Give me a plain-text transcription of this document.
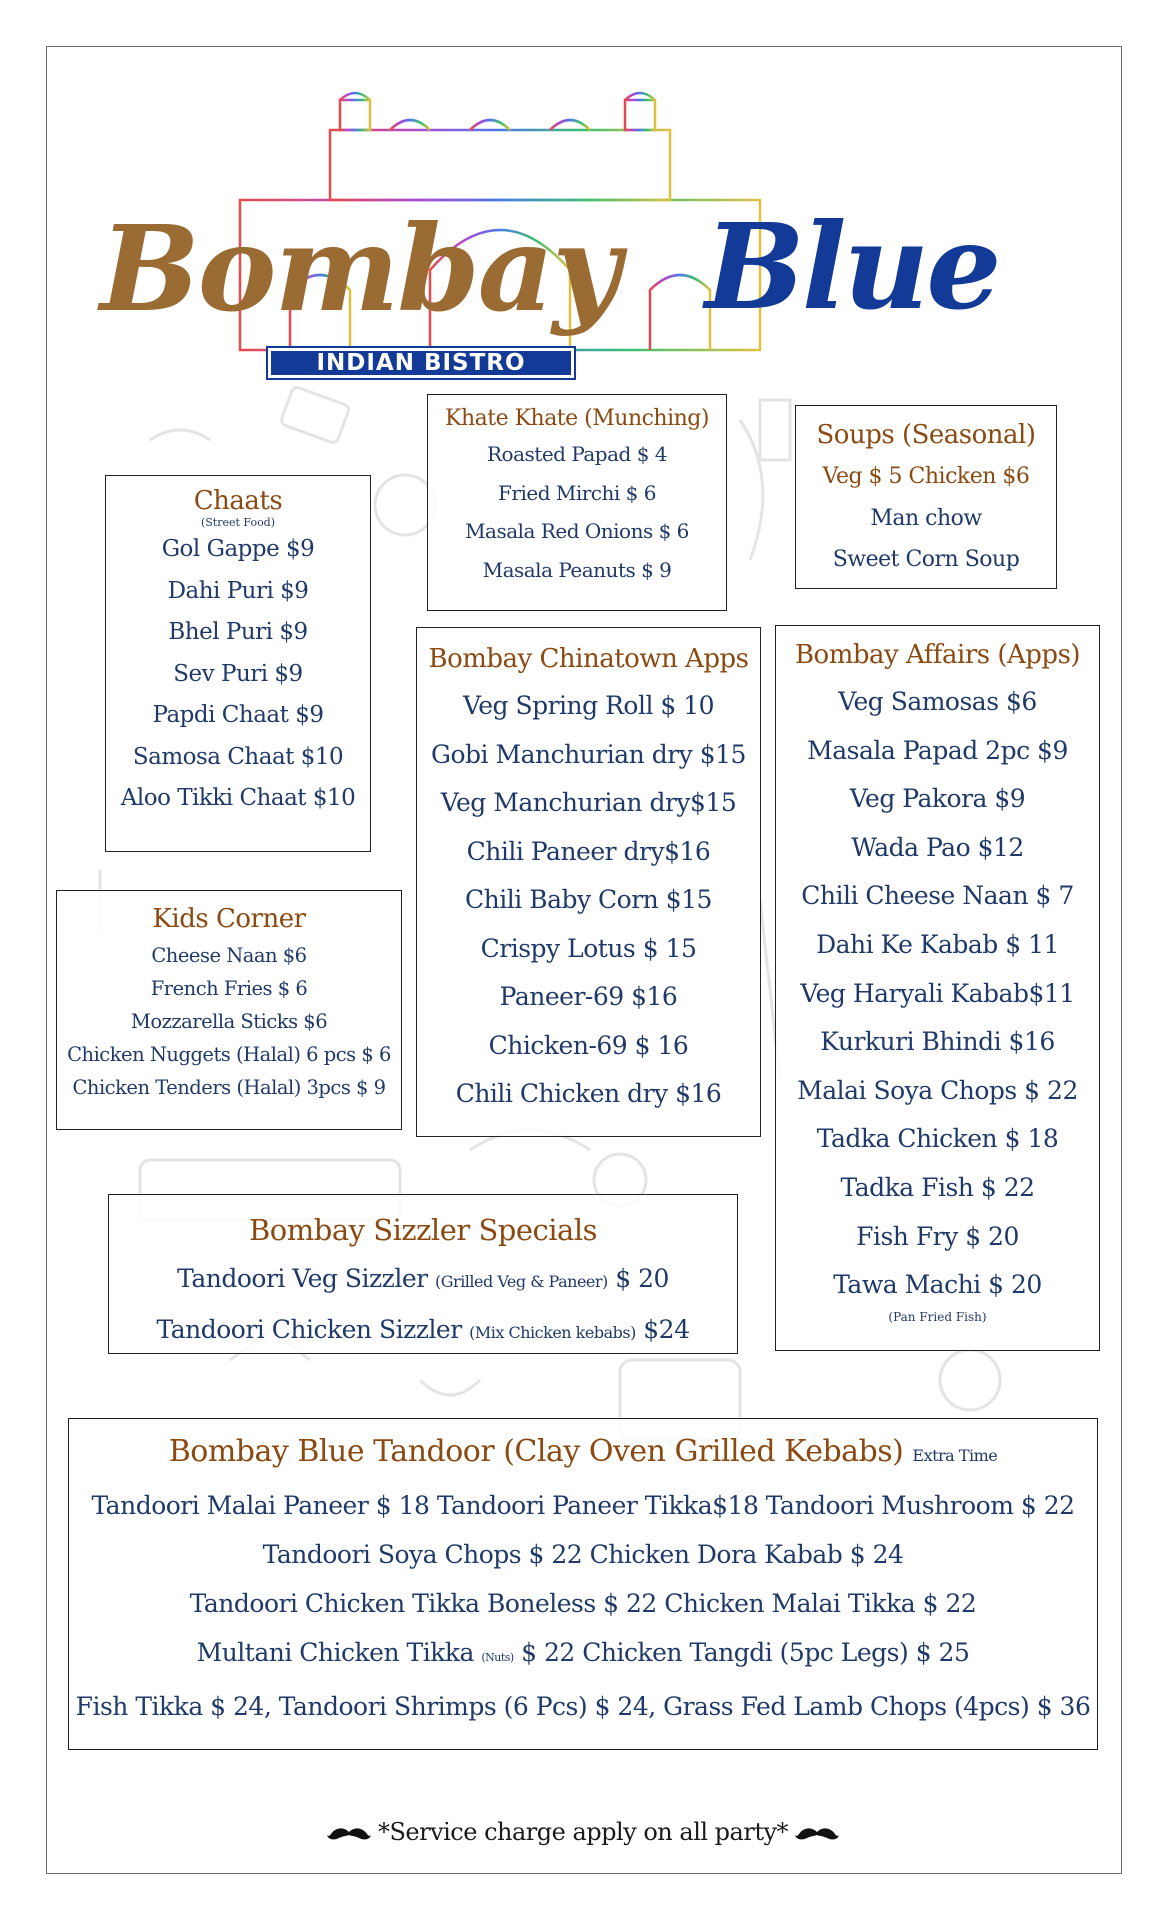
Bombay Blue
INDIAN BISTRO
Chaats
(Street Food)
Gol Gappe $9
Dahi Puri $9
Bhel Puri $9
Sev Puri $9
Papdi Chaat $9
Samosa Chaat $10
Aloo Tikki Chaat $10
Khate Khate (Munching)
Roasted Papad $ 4
Fried Mirchi $ 6
Masala Red Onions $ 6
Masala Peanuts $ 9
Soups (Seasonal)
Veg $ 5 Chicken $6
Man chow
Sweet Corn Soup
Kids Corner
Cheese Naan $6
French Fries $ 6
Mozzarella Sticks $6
Chicken Nuggets (Halal) 6 pcs $ 6
Chicken Tenders (Halal) 3pcs $ 9
Bombay Chinatown Apps
Veg Spring Roll $ 10
Gobi Manchurian dry $15
Veg Manchurian dry$15
Chili Paneer dry$16
Chili Baby Corn $15
Crispy Lotus $ 15
Paneer-69 $16
Chicken-69 $ 16
Chili Chicken dry $16
Bombay Affairs (Apps)
Veg Samosas $6
Masala Papad 2pc $9
Veg Pakora $9
Wada Pao $12
Chili Cheese Naan $ 7
Dahi Ke Kabab $ 11
Veg Haryali Kabab$11
Kurkuri Bhindi $16
Malai Soya Chops $ 22
Tadka Chicken $ 18
Tadka Fish $ 22
Fish Fry $ 20
Tawa Machi $ 20
(Pan Fried Fish)
Bombay Sizzler Specials
Tandoori Veg Sizzler (Grilled Veg & Paneer) $ 20
Tandoori Chicken Sizzler (Mix Chicken kebabs) $24
Bombay Blue Tandoor (Clay Oven Grilled Kebabs) Extra Time
Tandoori Malai Paneer $ 18 Tandoori Paneer Tikka$18 Tandoori Mushroom $ 22
Tandoori Soya Chops $ 22 Chicken Dora Kabab $ 24
Tandoori Chicken Tikka Boneless $ 22 Chicken Malai Tikka $ 22
Multani Chicken Tikka (Nuts) $ 22 Chicken Tangdi (5pc Legs) $ 25
Fish Tikka $ 24, Tandoori Shrimps (6 Pcs) $ 24, Grass Fed Lamb Chops (4pcs) $ 36
*Service charge apply on all party*
